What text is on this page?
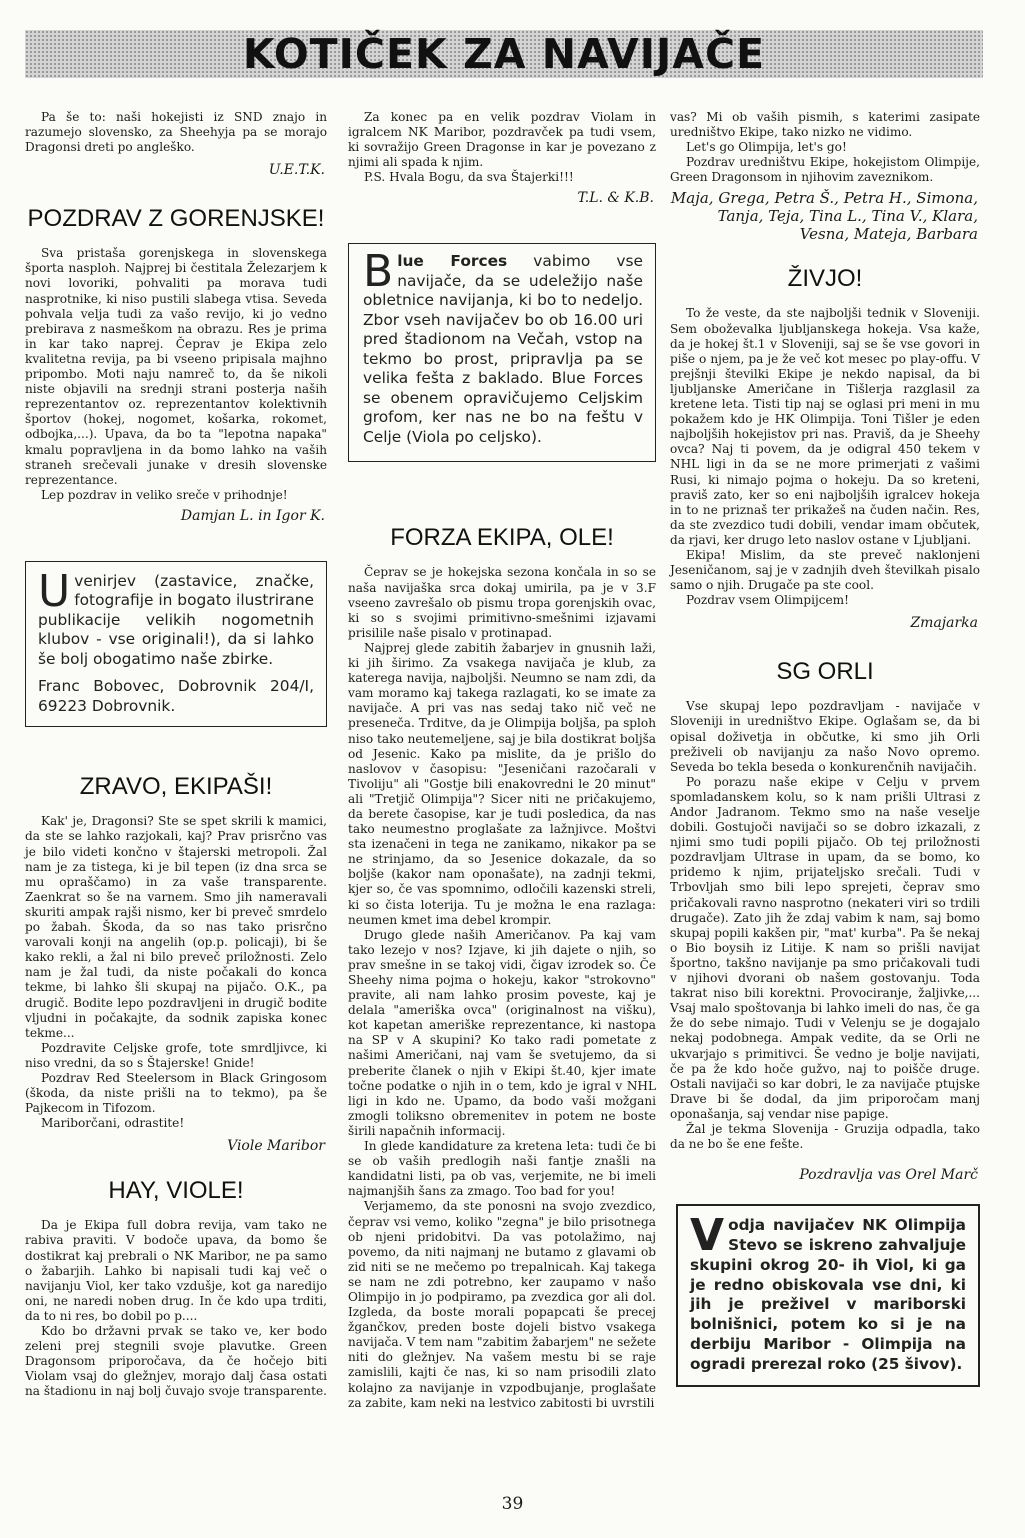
KOTIČEK ZA NAVIJAČE

Pa še to: naši hokejisti iz SND znajo in razumejo slovensko, za Sheehyja pa se morajo Dragonsi dreti po angleško.

U.E.T.K.
POZDRAV Z GORENJSKE!

Sva pristaša gorenjskega in slovenskega športa nasploh. Najprej bi čestitala Železarjem k novi lovoriki, pohvaliti pa morava tudi nasprotnike, ki niso pustili slabega vtisa. Seveda pohvala velja tudi za vašo revijo, ki jo vedno prebirava z nasmeškom na obrazu. Res je prima in kar tako naprej. Čeprav je Ekipa zelo kvalitetna revija, pa bi vseeno pripisala majhno pripombo. Moti naju namreč to, da še nikoli niste objavili na srednji strani posterja naših reprezentantov oz. reprezentantov kolektivnih športov (hokej, nogomet, košarka, rokomet, odbojka,...). Upava, da bo ta "lepotna napaka" kmalu popravljena in da bomo lahko na vaših straneh srečevali junake v dresih slovenske reprezentance.

Lep pozdrav in veliko sreče v prihodnje!

Damjan L. in Igor K.
Uvenirjev (zastavice, značke, fotografije in bogato ilustrirane publikacije velikih nogometnih klubov - vse originali!), da si lahko še bolj obogatimo naše zbirke.
Franc Bobovec, Dobrovnik 204/I, 69223 Dobrovnik.
ZRAVO, EKIPAŠI!

Kak' je, Dragonsi? Ste se spet skrili k mamici, da ste se lahko razjokali, kaj? Prav prisrčno vas je bilo videti končno v štajerski metropoli. Žal nam je za tistega, ki je bil tepen (iz dna srca se mu opraščamo) in za vaše transparente. Zaenkrat so še na varnem. Smo jih nameravali skuriti ampak rajši nismo, ker bi preveč smrdelo po žabah. Škoda, da so nas tako prisrčno varovali konji na angelih (op.p. policaji), bi še kako rekli, a žal ni bilo preveč priložnosti. Zelo nam je žal tudi, da niste počakali do konca tekme, bi lahko šli skupaj na pijačo. O.K., pa drugič. Bodite lepo pozdravljeni in drugič bodite vljudni in počakajte, da sodnik zapiska konec tekme...

Pozdravite Celjske grofe, tote smrdljivce, ki niso vredni, da so s Štajerske! Gnide!

Pozdrav Red Steelersom in Black Gringosom (škoda, da niste prišli na to tekmo), pa še Pajkecom in Tifozom.

Mariborčani, odrastite!

Viole Maribor
HAY, VIOLE!

Da je Ekipa full dobra revija, vam tako ne rabiva praviti. V bodoče upava, da bomo še dostikrat kaj prebrali o NK Maribor, ne pa samo o žabarjih. Lahko bi napisali tudi kaj več o navijanju Viol, ker tako vzdušje, kot ga naredijo oni, ne naredi noben drug. In če kdo upa trditi, da to ni res, bo dobil po p....

Kdo bo državni prvak se tako ve, ker bodo zeleni prej stegnili svoje plavutke. Green Dragonsom priporočava, da če hočejo biti Violam vsaj do gležnjev, morajo dalj časa ostati na štadionu in naj bolj čuvajo svoje transparente.

Za konec pa en velik pozdrav Violam in igralcem NK Maribor, pozdravček pa tudi vsem, ki sovražijo Green Dragonse in kar je povezano z njimi ali spada k njim.

P.S. Hvala Bogu, da sva Štajerki!!!

T.L. & K.B.
Blue Forces vabimo vse navijače, da se udeležijo naše obletnice navijanja, ki bo to nedeljo. Zbor vseh navijačev bo ob 16.00 uri pred štadionom na Večah, vstop na tekmo bo prost, pripravlja pa se velika fešta z baklado. Blue Forces se obenem opravičujemo Celjskim grofom, ker nas ne bo na feštu v Celje (Viola po celjsko).
FORZA EKIPA, OLE!

Čeprav se je hokejska sezona končala in so se naša navijaška srca dokaj umirila, pa je v 3.F vseeno zavrešalo ob pismu tropa gorenjskih ovac, ki so s svojimi primitivno-smešnimi izjavami prisilile naše pisalo v protinapad.

Najprej glede zabitih žabarjev in gnusnih laži, ki jih širimo. Za vsakega navijača je klub, za katerega navija, najboljši. Neumno se nam zdi, da vam moramo kaj takega razlagati, ko se imate za navijače. A pri vas nas sedaj tako nič več ne preseneča. Trditve, da je Olimpija boljša, pa sploh niso tako neutemeljene, saj je bila dostikrat boljša od Jesenic. Kako pa mislite, da je prišlo do naslovov v časopisu: "Jeseničani razočarali v Tivoliju" ali "Gostje bili enakovredni le 20 minut" ali "Tretjič Olimpija"? Sicer niti ne pričakujemo, da berete časopise, kar je tudi posledica, da nas tako neumestno proglašate za lažnjivce. Moštvi sta izenačeni in tega ne zanikamo, nikakor pa se ne strinjamo, da so Jesenice dokazale, da so boljše (kakor nam oponašate), na zadnji tekmi, kjer so, če vas spomnimo, odločili kazenski streli, ki so čista loterija. Tu je možna le ena razlaga: neumen kmet ima debel krompir.

Drugo glede naših Američanov. Pa kaj vam tako lezejo v nos? Izjave, ki jih dajete o njih, so prav smešne in se takoj vidi, čigav izrodek so. Če Sheehy nima pojma o hokeju, kakor "strokovno" pravite, ali nam lahko prosim poveste, kaj je delala "ameriška ovca" (originalnost na višku), kot kapetan ameriške reprezentance, ki nastopa na SP v A skupini? Ko tako radi pometate z našimi Američani, naj vam še svetujemo, da si preberite članek o njih v Ekipi št.40, kjer imate točne podatke o njih in o tem, kdo je igral v NHL ligi in kdo ne. Upamo, da bodo vaši možgani zmogli toliksno obremenitev in potem ne boste širili napačnih informacij.

In glede kandidature za kretena leta: tudi če bi se ob vaših predlogih naši fantje znašli na kandidatni listi, pa ob vas, verjemite, ne bi imeli najmanjših šans za zmago. Too bad for you!

Verjamemo, da ste ponosni na svojo zvezdico, čeprav vsi vemo, koliko "zegna" je bilo prisotnega ob njeni pridobitvi. Da vas potolažimo, naj povemo, da niti najmanj ne butamo z glavami ob zid niti se ne mečemo po trepalnicah. Kaj takega se nam ne zdi potrebno, ker zaupamo v našo Olimpijo in jo podpiramo, pa zvezdica gor ali dol. Izgleda, da boste morali popapcati še precej žgančkov, preden boste dojeli bistvo vsakega navijača. V tem nam "zabitim žabarjem" ne sežete niti do gležnjev. Na vašem mestu bi se raje zamislili, kajti če nas, ki so nam prisodili zlato kolajno za navijanje in vzpodbujanje, proglašate za zabite, kam neki na lestvico zabitosti bi uvrstili

vas? Mi ob vaših pismih, s katerimi zasipate uredništvo Ekipe, tako nizko ne vidimo.

Let's go Olimpija, let's go!

Pozdrav uredništvu Ekipe, hokejistom Olimpije, Green Dragonsom in njihovim zaveznikom.

Maja, Grega, Petra Š., Petra H., Simona, Tanja, Teja, Tina L., Tina V., Klara, Vesna, Mateja, Barbara
ŽIVJO!

To že veste, da ste najboljši tednik v Sloveniji. Sem oboževalka ljubljanskega hokeja. Vsa kaže, da je hokej št.1 v Sloveniji, saj se še vse govori in piše o njem, pa je že več kot mesec po play-offu. V prejšnji številki Ekipe je nekdo napisal, da bi ljubljanske Američane in Tišlerja razglasil za kretene leta. Tisti tip naj se oglasi pri meni in mu pokažem kdo je HK Olimpija. Toni Tišler je eden najboljših hokejistov pri nas. Praviš, da je Sheehy ovca? Naj ti povem, da je odigral 450 tekem v NHL ligi in da se ne more primerjati z vašimi Rusi, ki nimajo pojma o hokeju. Da so kreteni, praviš zato, ker so eni najboljših igralcev hokeja in to ne priznaš ter prikažeš na čuden način. Res, da ste zvezdico tudi dobili, vendar imam občutek, da rjavi, ker drugo leto naslov ostane v Ljubljani.

Ekipa! Mislim, da ste preveč naklonjeni Jeseničanom, saj je v zadnjih dveh številkah pisalo samo o njih. Drugače pa ste cool.

Pozdrav vsem Olimpijcem!

Zmajarka
SG ORLI

Vse skupaj lepo pozdravljam - navijače v Sloveniji in uredništvo Ekipe. Oglašam se, da bi opisal doživetja in občutke, ki smo jih Orli preživeli ob navijanju za našo Novo opremo. Seveda bo tekla beseda o konkurenčnih navijačih.

Po porazu naše ekipe v Celju v prvem spomladanskem kolu, so k nam prišli Ultrasi z Andor Jadranom. Tekmo smo na naše veselje dobili. Gostujoči navijači so se dobro izkazali, z njimi smo tudi popili pijačo. Ob tej priložnosti pozdravljam Ultrase in upam, da se bomo, ko pridemo k njim, prijateljsko srečali. Tudi v Trbovljah smo bili lepo sprejeti, čeprav smo pričakovali ravno nasprotno (nekateri viri so trdili drugače). Zato jih že zdaj vabim k nam, saj bomo skupaj popili kakšen pir, "mat' kurba". Pa še nekaj o Bio boysih iz Litije. K nam so prišli navijat športno, takšno navijanje pa smo pričakovali tudi v njihovi dvorani ob našem gostovanju. Toda takrat niso bili korektni. Provociranje, žaljivke,... Vsaj malo spoštovanja bi lahko imeli do nas, če ga že do sebe nimajo. Tudi v Velenju se je dogajalo nekaj podobnega. Ampak vedite, da se Orli ne ukvarjajo s primitivci. Še vedno je bolje navijati, če pa že kdo hoče gužvo, naj to poišče druge. Ostali navijači so kar dobri, le za navijače ptujske Drave bi še dodal, da jim priporočam manj oponašanja, saj vendar nise papige.

Žal je tekma Slovenija - Gruzija odpadla, tako da ne bo še ene fešte.

Pozdravlja vas Orel Marč
Vodja navijačev NK Olimpija Stevo se iskreno zahvaljuje skupini okrog 20- ih Viol, ki ga je redno obiskovala vse dni, ki jih je preživel v mariborski bolnišnici, potem ko si je na derbiju Maribor - Olimpija na ogradi prerezal roko (25 šivov).
39
